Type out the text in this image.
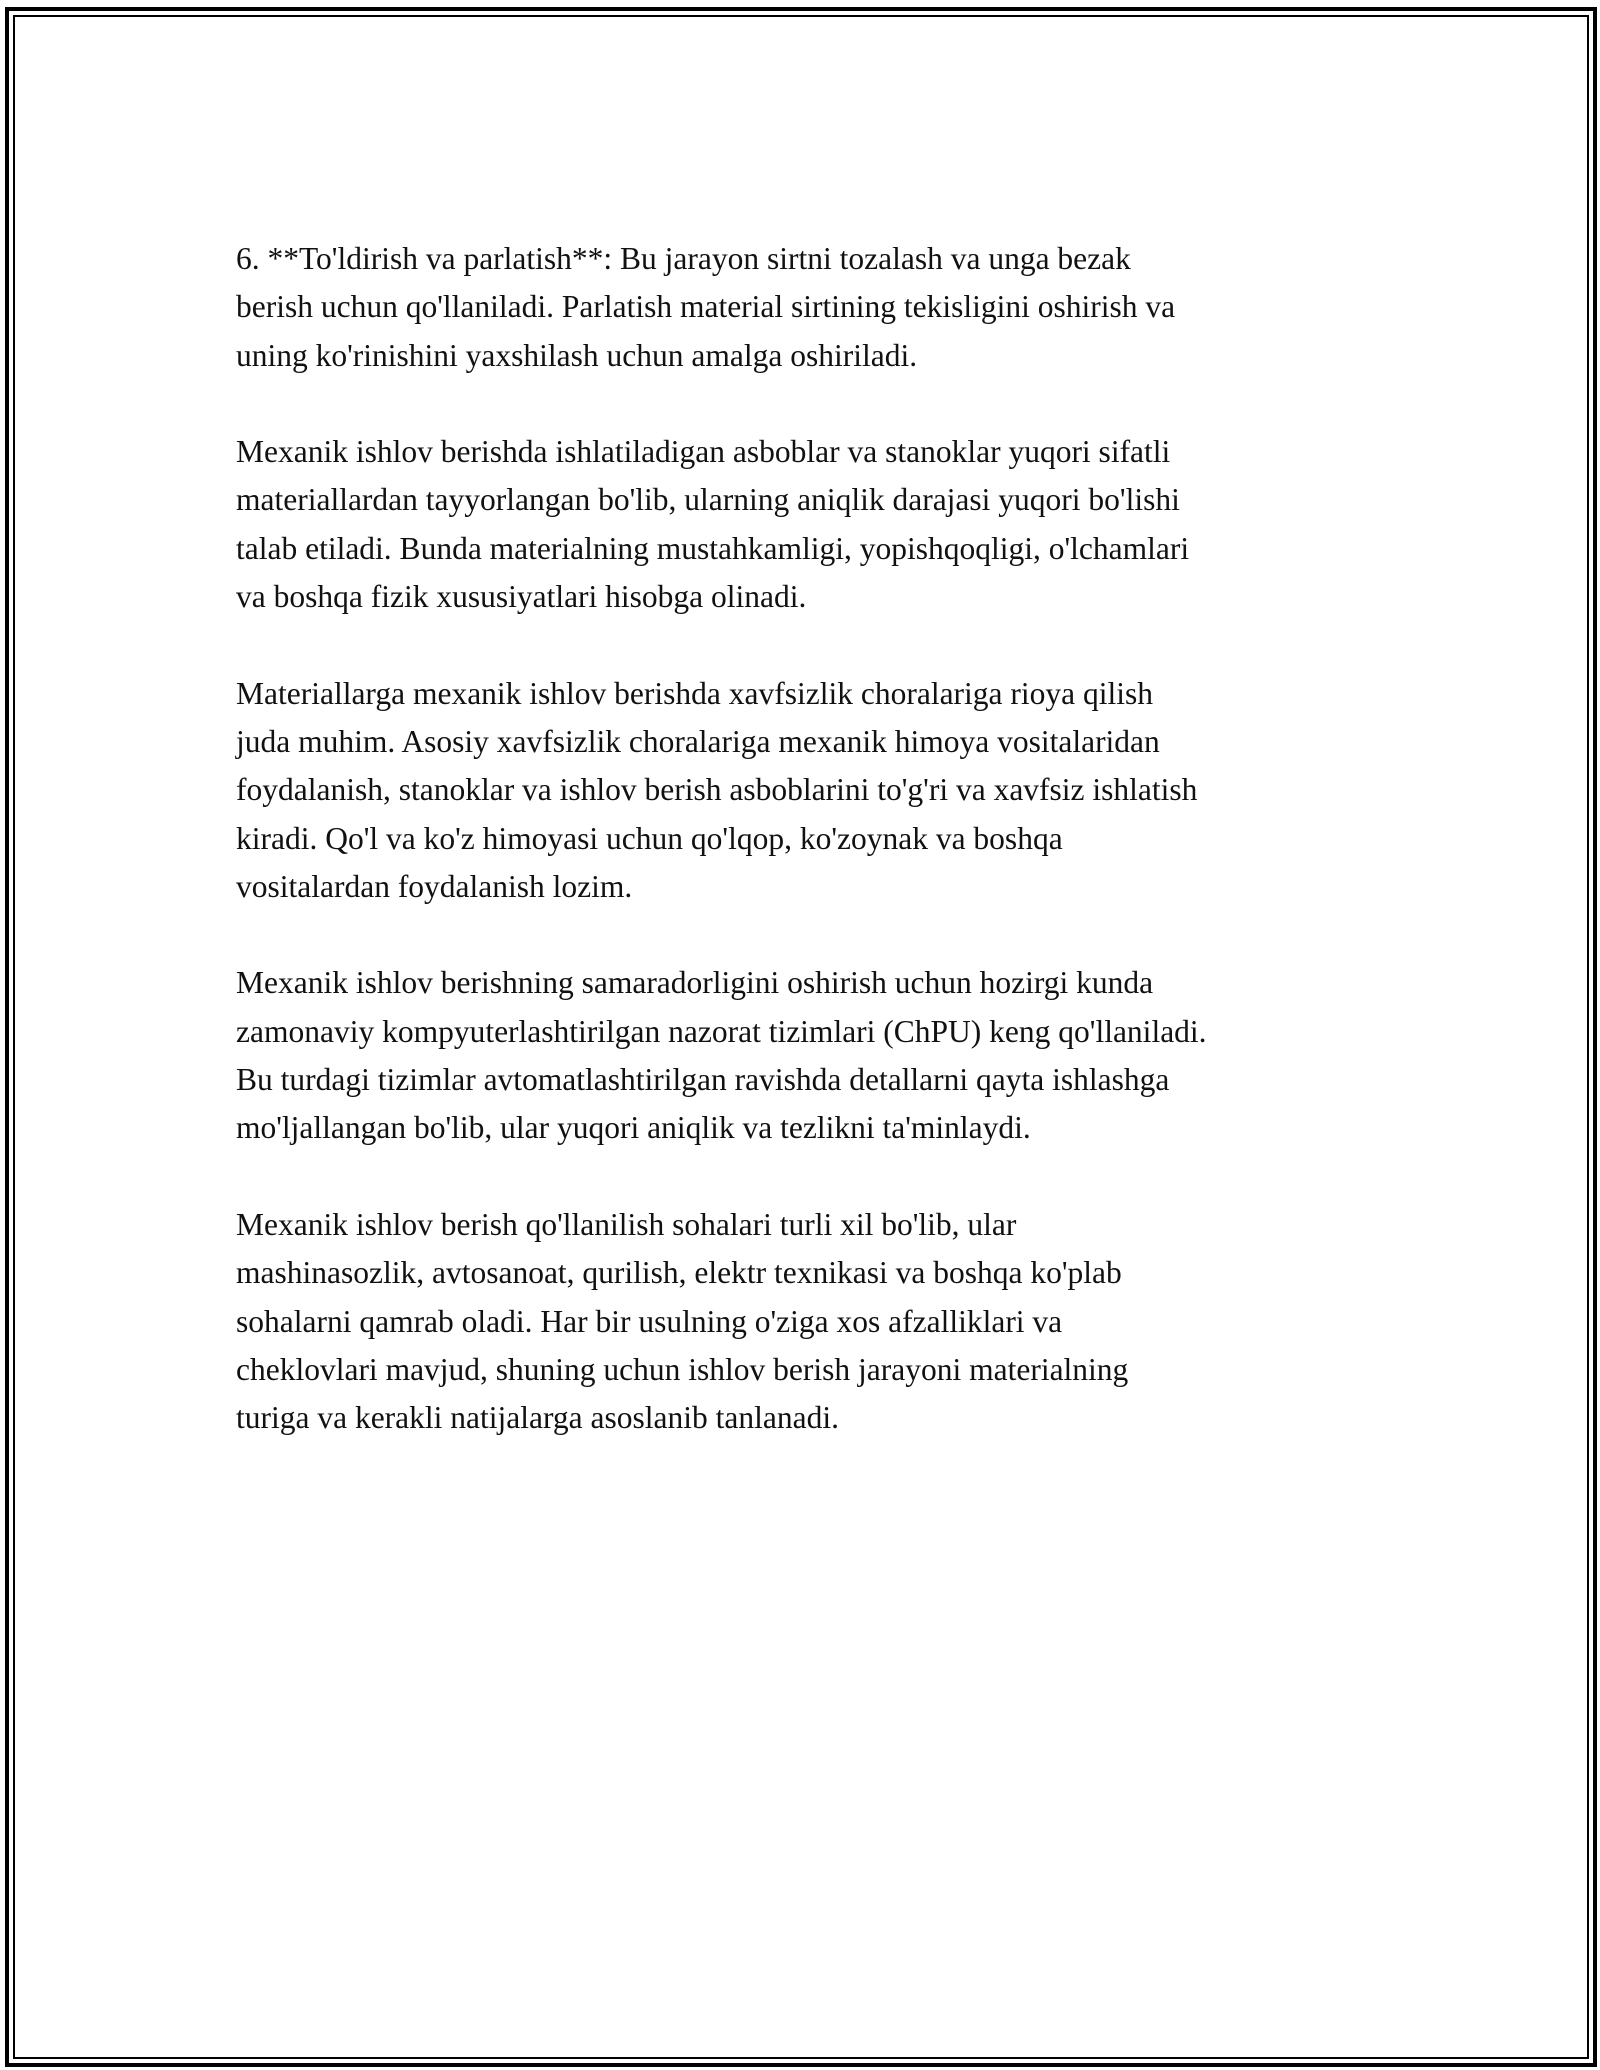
6. **To'ldirish va parlatish**: Bu jarayon sirtni tozalash va unga bezak
berish uchun qo'llaniladi. Parlatish material sirtining tekisligini oshirish va
uning ko'rinishini yaxshilash uchun amalga oshiriladi.

Mexanik ishlov berishda ishlatiladigan asboblar va stanoklar yuqori sifatli
materiallardan tayyorlangan bo'lib, ularning aniqlik darajasi yuqori bo'lishi
talab etiladi. Bunda materialning mustahkamligi, yopishqoqligi, o'lchamlari
va boshqa fizik xususiyatlari hisobga olinadi.

Materiallarga mexanik ishlov berishda xavfsizlik choralariga rioya qilish
juda muhim. Asosiy xavfsizlik choralariga mexanik himoya vositalaridan
foydalanish, stanoklar va ishlov berish asboblarini to'g'ri va xavfsiz ishlatish
kiradi. Qo'l va ko'z himoyasi uchun qo'lqop, ko'zoynak va boshqa
vositalardan foydalanish lozim.

Mexanik ishlov berishning samaradorligini oshirish uchun hozirgi kunda
zamonaviy kompyuterlashtirilgan nazorat tizimlari (ChPU) keng qo'llaniladi.
Bu turdagi tizimlar avtomatlashtirilgan ravishda detallarni qayta ishlashga
mo'ljallangan bo'lib, ular yuqori aniqlik va tezlikni ta'minlaydi.

Mexanik ishlov berish qo'llanilish sohalari turli xil bo'lib, ular
mashinasozlik, avtosanoat, qurilish, elektr texnikasi va boshqa ko'plab
sohalarni qamrab oladi. Har bir usulning o'ziga xos afzalliklari va
cheklovlari mavjud, shuning uchun ishlov berish jarayoni materialning
turiga va kerakli natijalarga asoslanib tanlanadi.
